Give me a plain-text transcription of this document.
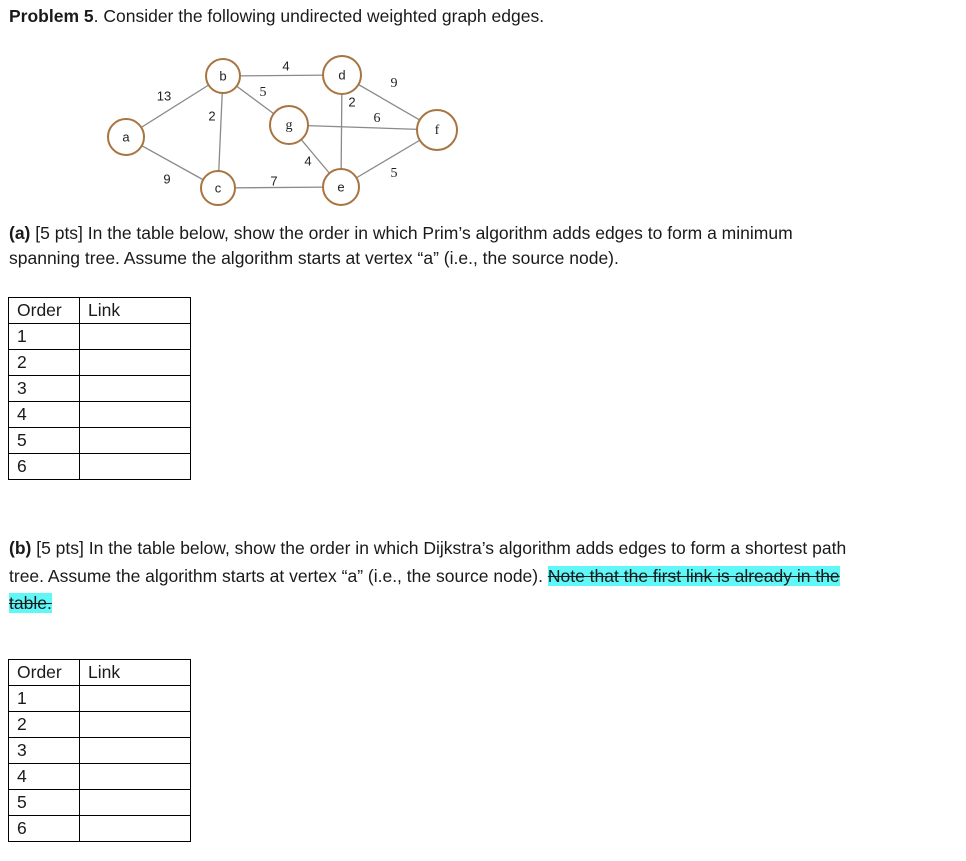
Problem 5. Consider the following undirected weighted graph edges.
13
9
2
4
5
2
9
6
4
7	5
a
b
c
d
e
f
g
(a) [5 pts] In the table below, show the order in which Prim’s algorithm adds edges to form a minimum
spanning tree. Assume the algorithm starts at vertex “a” (i.e., the source node).
Order	Link
1	
2	
3	
4	
5	
6	
(b) [5 pts] In the table below, show the order in which Dijkstra’s algorithm adds edges to form a shortest path
tree. Assume the algorithm starts at vertex “a” (i.e., the source node). Note that the first link is already in the
table.
Order	Link
1	
2	
3	
4	
5	
6	
